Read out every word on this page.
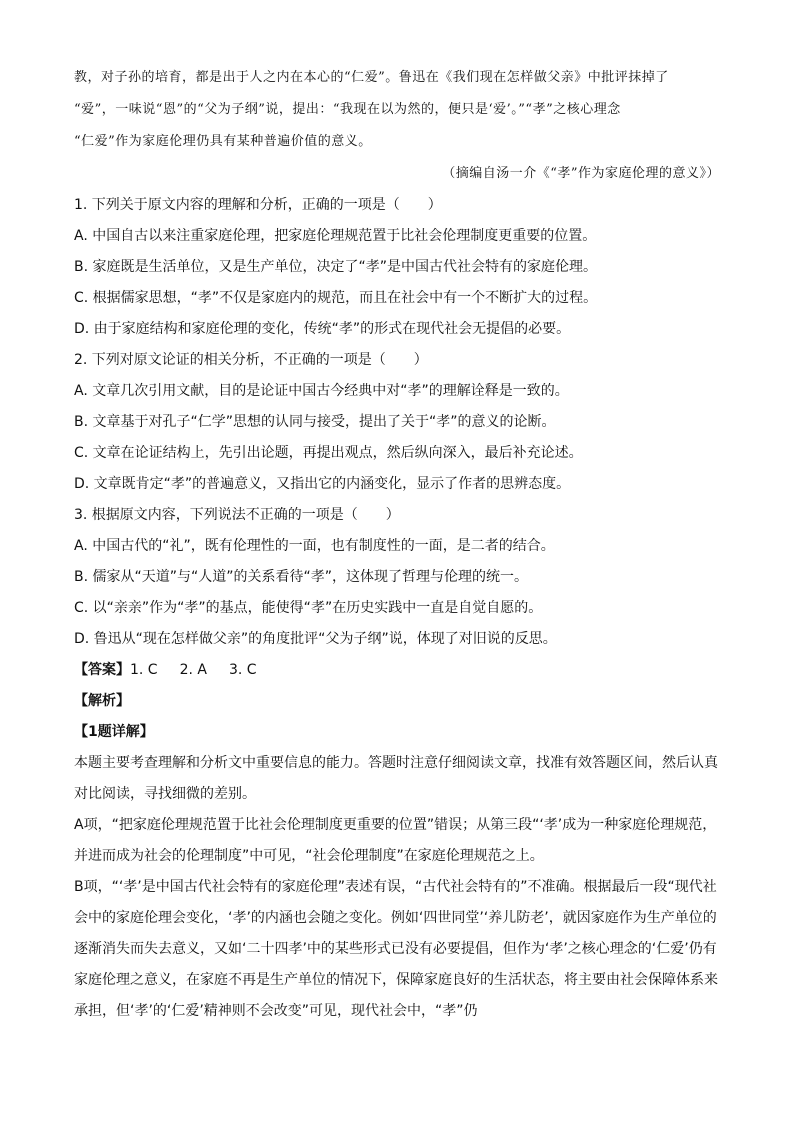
教，对子孙的培育，都是出于人之内在本心的“仁爱”。鲁迅在《我们现在怎样做父亲》中批评抹掉了

“爱”，一味说“恩”的“父为子纲”说，提出：“我现在以为然的，便只是‘爱’。”“孝”之核心理念

“仁爱”作为家庭伦理仍具有某种普遍价值的意义。

（摘编自汤一介《“孝”作为家庭伦理的意义》）

1. 下列关于原文内容的理解和分析，正确的一项是（　　）

A. 中国自古以来注重家庭伦理，把家庭伦理规范置于比社会伦理制度更重要的位置。

B. 家庭既是生活单位，又是生产单位，决定了“孝”是中国古代社会特有的家庭伦理。

C. 根据儒家思想，“孝”不仅是家庭内的规范，而且在社会中有一个不断扩大的过程。

D. 由于家庭结构和家庭伦理的变化，传统“孝”的形式在现代社会无提倡的必要。

2. 下列对原文论证的相关分析，不正确的一项是（　　）

A. 文章几次引用文献，目的是论证中国古今经典中对“孝”的理解诠释是一致的。

B. 文章基于对孔子“仁学”思想的认同与接受，提出了关于“孝”的意义的论断。

C. 文章在论证结构上，先引出论题，再提出观点，然后纵向深入，最后补充论述。

D. 文章既肯定“孝”的普遍意义，又指出它的内涵变化，显示了作者的思辨态度。

3. 根据原文内容，下列说法不正确的一项是（　　）

A. 中国古代的“礼”，既有伦理性的一面，也有制度性的一面，是二者的结合。

B. 儒家从“天道”与“人道”的关系看待“孝”，这体现了哲理与伦理的统一。

C. 以“亲亲”作为“孝”的基点，能使得“孝”在历史实践中一直是自觉自愿的。

D. 鲁迅从“现在怎样做父亲”的角度批评“父为子纲”说，体现了对旧说的反思。

【答案】1. C 2. A 3. C

【解析】

【1题详解】

本题主要考查理解和分析文中重要信息的能力。答题时注意仔细阅读文章，找准有效答题区间，然后认真对比阅读，寻找细微的差别。

A项，“把家庭伦理规范置于比社会伦理制度更重要的位置”错误；从第三段“‘孝’成为一种家庭伦理规范，并进而成为社会的伦理制度”中可见，“社会伦理制度”在家庭伦理规范之上。

B项，“‘孝’是中国古代社会特有的家庭伦理”表述有误，“古代社会特有的”不准确。根据最后一段“现代社会中的家庭伦理会变化，‘孝’的内涵也会随之变化。例如‘四世同堂’‘养儿防老’，就因家庭作为生产单位的逐渐消失而失去意义，又如‘二十四孝’中的某些形式已没有必要提倡，但作为‘孝’之核心理念的‘仁爱’仍有家庭伦理之意义，在家庭不再是生产单位的情况下，保障家庭良好的生活状态，将主要由社会保障体系来承担，但‘孝’的‘仁爱’精神则不会改变”可见，现代社会中，“孝”仍
